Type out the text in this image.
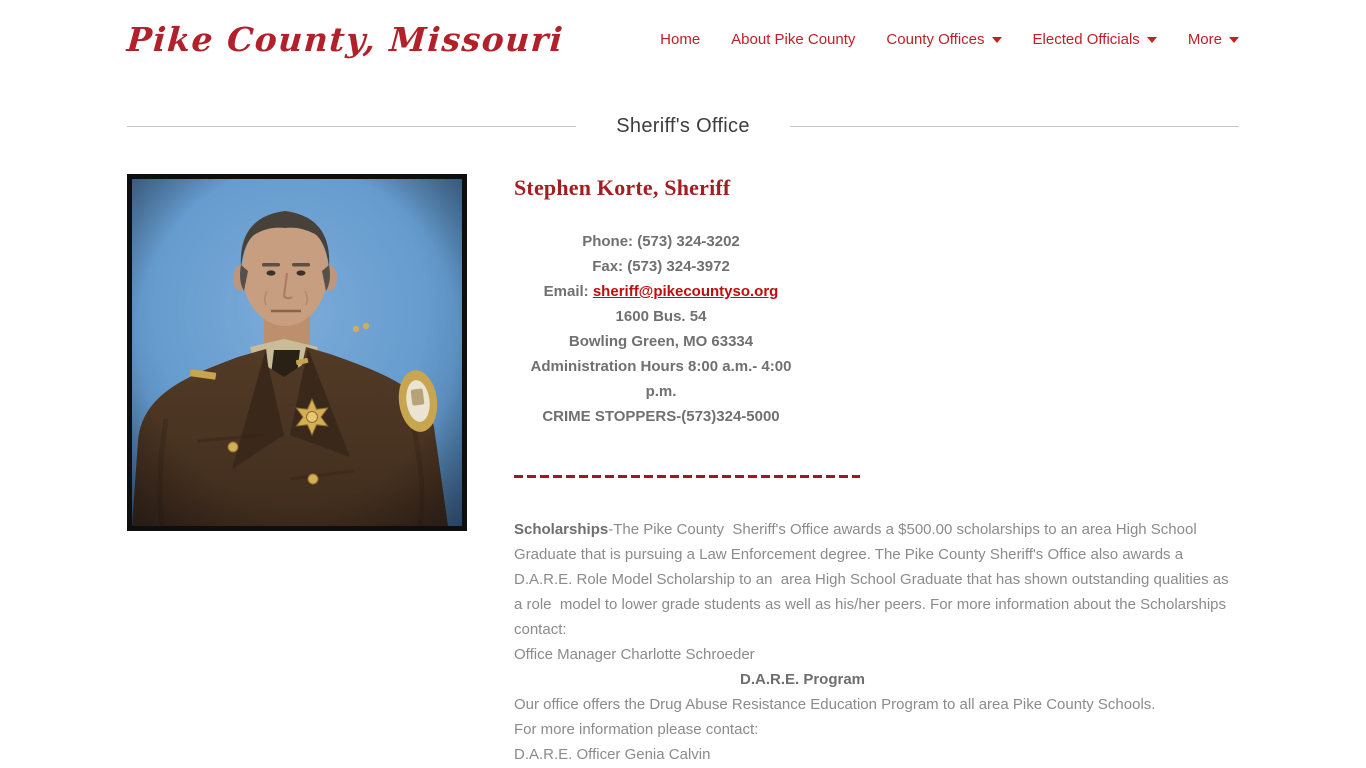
Pike County, Missouri	Home About Pike County County Offices	Elected Officials	More
Sheriff's Office
Stephen Korte, Sheriff
Phone: (573) 324-3202
Fax: (573) 324-3972
Email: sheriff@pikecountyso.org
1600 Bus. 54
Bowling Green, MO 63334
Administration Hours 8:00 a.m.- 4:00 p.m.
CRIME STOPPERS-(573)324-5000

Scholarships-The Pike County  Sheriff's Office awards a $500.00 scholarships to an area High School Graduate that is pursuing a Law Enforcement degree. The Pike County Sheriff's Office also awards a D.A.R.E. Role Model Scholarship to an  area High School Graduate that has shown outstanding qualities as a role  model to lower grade students as well as his/her peers. For more information about the Scholarships contact:

Office Manager Charlotte Schroeder
D.A.R.E. Program
Our office offers the Drug Abuse Resistance Education Program to all area Pike County Schools.
For more information please contact:
D.A.R.E. Officer Genia Calvin
